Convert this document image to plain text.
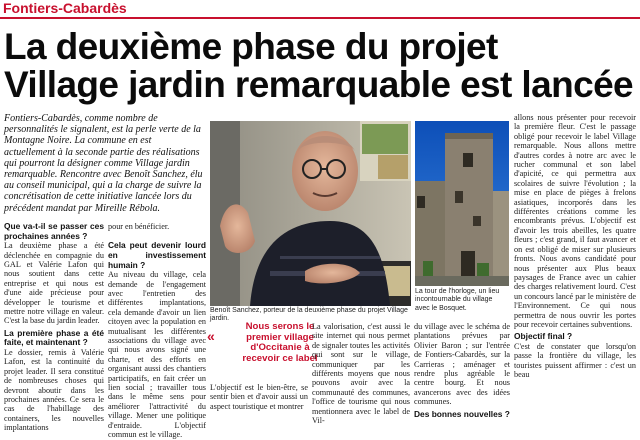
Fontiers-Cabardès
La deuxième phase du projet
Village jardin remarquable est lancée
Fontiers-Cabardès, comme nombre de personnalités le signalent, est la perle verte de la Montagne Noire. La commune en est actuellement à la seconde partie des réalisations qui pourront la désigner comme Village jardin remarquable. Rencontre avec Benoît Sanchez, élu au conseil municipal, qui a la charge de suivre la concrétisation de cette initiative lancée lors du précédent mandat par Mireille Rébola.
Que va-t-il se passer ces prochaines années ?

La deuxième phase a été déclenchée en compagnie du GAL et Valérie Lafon qui nous soutient dans cette entreprise et qui nous est d'une aide précieuse pour développer le tourisme et mettre notre village en valeur. C'est la base du jardin leader.

La première phase a été faite, et maintenant ?

Le dossier, remis à Valérie Lafon, est la continuité du projet leader. Il sera constitué de nombreuses choses qui devront aboutir dans les prochaines années. Ce sera le cas de l'habillage des containers, les nouvelles implantations

pour en bénéficier.

Cela peut devenir lourd en investissement humain ?

Au niveau du village, cela demande de l'engagement avec l'entretien des différentes implantations, cela demande d'avoir un lien citoyen avec la population en mutualisant les différentes associations du village avec qui nous avons signé une charte, et des efforts en organisant aussi des chantiers participatifs, en fait créer un lien social ; travailler tous dans le même sens pour améliorer l'attractivité du village. Mener une politique d'entraide. L'objectif commun est le village.

Benoît Sanchez, porteur de la deuxième phase du projet Village jardin.
La tour de l'horloge, un lieu incontournable du village avec le Bosquet.
«
Nous serons le premier village d'Occitanie à recevoir ce label

L'objectif est le bien-être, se sentir bien et d'avoir aussi un aspect touristique et montrer

La valorisation, c'est aussi le site internet qui nous permet de signaler toutes les activités qui sont sur le village, communiquer par les différents moyens que nous pouvons avoir avec la communauté des communes, l'office de tourisme qui nous mentionnera avec le label de Vil-

du village avec le schéma de plantations prévues par Olivier Baron ; sur l'entrée de Fontiers-Cabardès, sur la Carrieras ; aménager et rendre plus agréable le centre bourg. Et nous avancerons avec des idées communes.

Des bonnes nouvelles ?

allons nous présenter pour recevoir la première fleur. C'est le passage obligé pour recevoir le label Village remarquable. Nous allons mettre d'autres cordes à notre arc avec le rucher communal et son label d'apicité, ce qui permettra aux scolaires de suivre l'évolution ; la mise en place de pièges à frelons asiatiques, incorporés dans les différentes créations comme les encombrants prévus. L'objectif est d'avoir les trois abeilles, les quatre fleurs ; c'est grand, il faut avancer et on est obligé de miser sur plusieurs fronts. Nous avons candidaté pour nous présenter aux Plus beaux paysages de France avec un cahier des charges relativement lourd. C'est un concours lancé par le ministère de l'Environnement. Ce qui nous permettra de nous ouvrir les portes pour recevoir certaines subventions.

Objectif final ?

C'est de constater que lorsqu'on passe la frontière du village, les touristes puissent affirmer : c'est un beau
